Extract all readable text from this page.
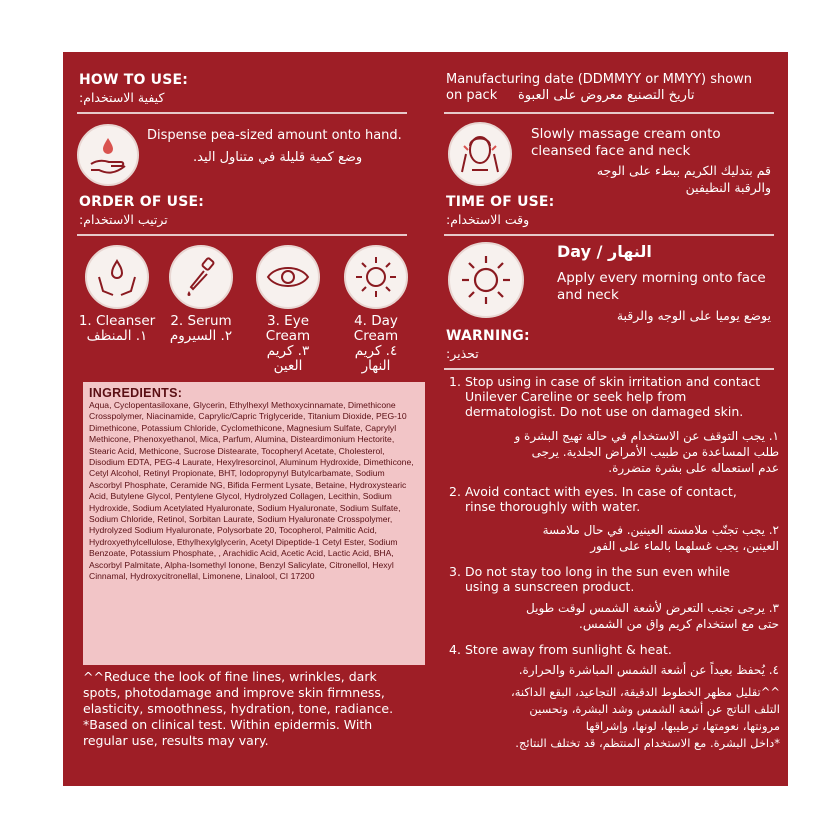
HOW TO USE:
كيفية الاستخدام:
Manufacturing date (DDMMYY or MMYY) shown
on pack تاريخ التصنيع معروض على العبوة
Dispense pea-sized amount onto hand.
وضع كمية قليلة في متناول اليد.
Slowly massage cream onto
cleansed face and neck
قم بتدليك الكريم ببطء على الوجه
والرقبة النظيفين
ORDER OF USE:
ترتيب الاستخدام:
TIME OF USE:
وقت الاستخدام:
1. Cleanser
١. المنظف
2. Serum
٢. السيروم
3. Eye
Cream
٣. كريم
العين
4. Day
Cream
٤. كريم
النهار
Day / النهار
Apply every morning onto face
and neck
يوضع يوميا على الوجه والرقبة
WARNING:
تحذير:
INGREDIENTS:
Aqua, Cyclopentasiloxane, Glycerin, Ethylhexyl Methoxycinnamate, Dimethicone Crosspolymer, Niacinamide, Caprylic/Capric Triglyceride, Titanium Dioxide, PEG-10 Dimethicone, Potassium Chloride, Cyclomethicone, Magnesium Sulfate, Caprylyl Methicone, Phenoxyethanol, Mica, Parfum, Alumina, Disteardimonium Hectorite, Stearic Acid, Methicone, Sucrose Distearate, Tocopheryl Acetate, Cholesterol, Disodium EDTA, PEG-4 Laurate, Hexylresorcinol, Aluminum Hydroxide, Dimethicone, Cetyl Alcohol, Retinyl Propionate, BHT, Iodopropynyl Butylcarbamate, Sodium Ascorbyl Phosphate, Ceramide NG, Bifida Ferment Lysate, Betaine, Hydroxystearic Acid, Butylene Glycol, Pentylene Glycol, Hydrolyzed Collagen, Lecithin, Sodium Hydroxide, Sodium Acetylated Hyaluronate, Sodium Hyaluronate, Sodium Sulfate, Sodium Chloride, Retinol, Sorbitan Laurate, Sodium Hyaluronate Crosspolymer, Hydrolyzed Sodium Hyaluronate, Polysorbate 20, Tocopherol, Palmitic Acid, Hydroxyethylcellulose, Ethylhexylglycerin, Acetyl Dipeptide-1 Cetyl Ester, Sodium Benzoate, Potassium Phosphate, , Arachidic Acid, Acetic Acid, Lactic Acid, BHA, Ascorbyl Palmitate, Alpha-Isomethyl Ionone, Benzyl Salicylate, Citronellol, Hexyl Cinnamal, Hydroxycitronellal, Limonene, Linalool, CI 17200
^^Reduce the look of fine lines, wrinkles, dark
spots, photodamage and improve skin firmness,
elasticity, smoothness, hydration, tone, radiance.
*Based on clinical test. Within epidermis. With
regular use, results may vary.
^^تقليل مظهر الخطوط الدقيقة، التجاعيد، البقع الداكنة،
التلف الناتج عن أشعة الشمس وشد البشرة، وتحسين
مرونتها، نعومتها، ترطيبها، لونها، وإشراقها
*داخل البشرة. مع الاستخدام المنتظم، قد تختلف النتائج.
1. Stop using in case of skin irritation and contact
Unilever Careline or seek help from
dermatologist. Do not use on damaged skin.
١. يجب التوقف عن الاستخدام في حالة تهيج البشرة و
طلب المساعدة من طبيب الأمراض الجلدية. يرجى
عدم استعماله على بشرة متضررة.
2. Avoid contact with eyes. In case of contact,
rinse thoroughly with water.
٢. يجب تجنّب ملامسته العينين. في حال ملامسة
العينين، يجب غسلهما بالماء على الفور
3. Do not stay too long in the sun even while
using a sunscreen product.
٣. يرجى تجنب التعرض لأشعة الشمس لوقت طويل
حتى مع استخدام كريم واق من الشمس.
4. Store away from sunlight & heat.
٤. يُحفظ بعيداً عن أشعة الشمس المباشرة والحرارة.
